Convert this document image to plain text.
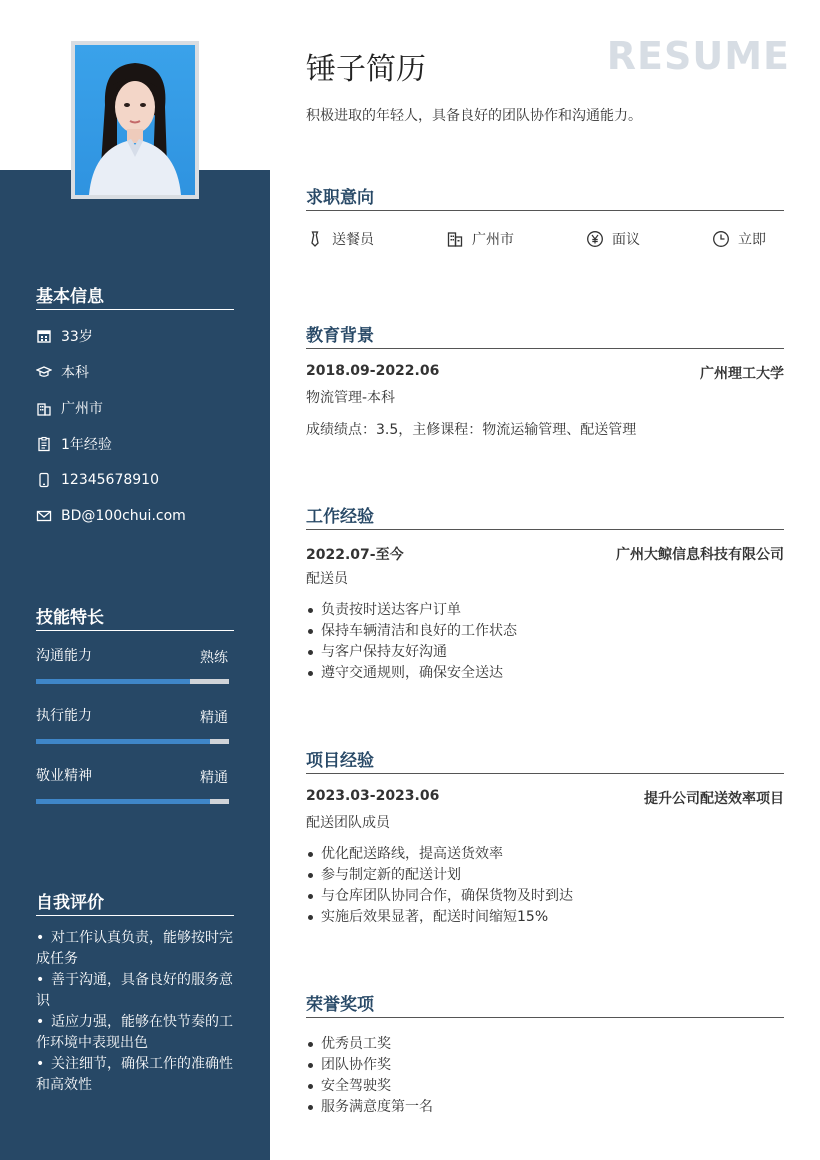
RESUME
锤子简历
积极进取的年轻人，具备良好的团队协作和沟通能力。
基本信息
33岁
本科
广州市
1年经验
12345678910
BD@100chui.com
技能特长
沟通能力	熟练
执行能力	精通
敬业精神	精通
自我评价
• 对工作认真负责，能够按时完成任务
• 善于沟通，具备良好的服务意识
• 适应力强，能够在快节奏的工作环境中表现出色
• 关注细节，确保工作的准确性和高效性
求职意向
送餐员	广州市	面议	立即
教育背景
2018.09-2022.06	广州理工大学
物流管理-本科
成绩绩点：3.5，主修课程：物流运输管理、配送管理
工作经验
2022.07-至今	广州大鲸信息科技有限公司
配送员
负责按时送达客户订单
保持车辆清洁和良好的工作状态
与客户保持友好沟通
遵守交通规则，确保安全送达
项目经验
2023.03-2023.06	提升公司配送效率项目
配送团队成员
优化配送路线，提高送货效率
参与制定新的配送计划
与仓库团队协同合作，确保货物及时到达
实施后效果显著，配送时间缩短15%
荣誉奖项
优秀员工奖
团队协作奖
安全驾驶奖
服务满意度第一名
